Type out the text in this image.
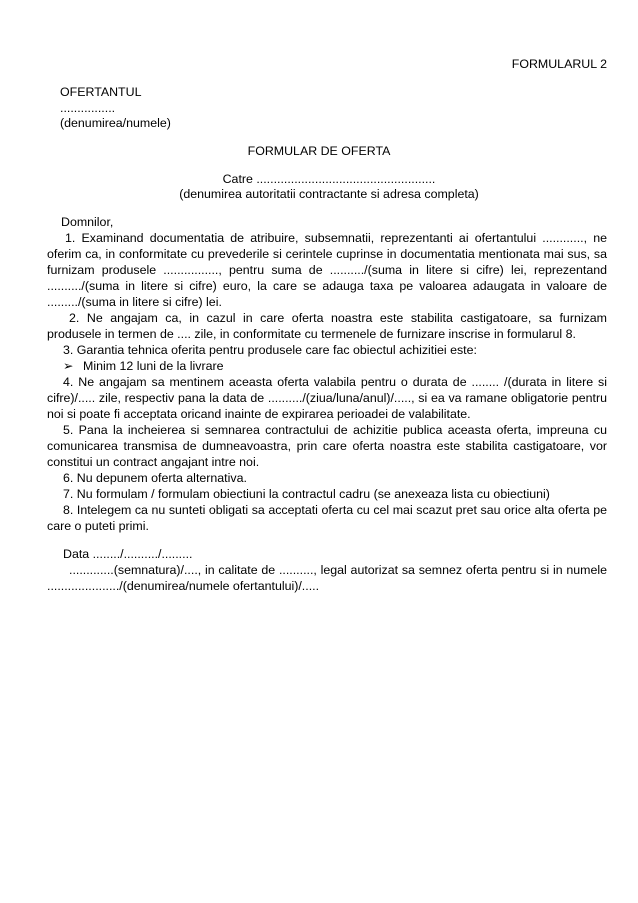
FORMULARUL 2
OFERTANTUL
................
(denumirea/numele)
FORMULAR DE OFERTA
Catre ....................................................
(denumirea autoritatii contractante si adresa completa)

Domnilor,

1. Examinand documentatia de atribuire, subsemnatii, reprezentanti ai ofertantului ............, ne oferim ca, in conformitate cu prevederile si cerintele cuprinse in documentatia mentionata mai sus, sa furnizam produsele ................, pentru suma de ........../(suma in litere si cifre) lei, reprezentand ........../(suma in litere si cifre) euro, la care se adauga taxa pe valoarea adaugata in valoare de ........./(suma in litere si cifre) lei.

2. Ne angajam ca, in cazul in care oferta noastra este stabilita castigatoare, sa furnizam produsele in termen de .... zile, in conformitate cu termenele de furnizare inscrise in formularul 8.

3. Garantia tehnica oferita pentru produsele care fac obiectul achizitiei este:

➢ Minim 12 luni de la livrare

4. Ne angajam sa mentinem aceasta oferta valabila pentru o durata de ........ /(durata in litere si cifre)/..... zile, respectiv pana la data de ........../(ziua/luna/anul)/....., si ea va ramane obligatorie pentru noi si poate fi acceptata oricand inainte de expirarea perioadei de valabilitate.

5. Pana la incheierea si semnarea contractului de achizitie publica aceasta oferta, impreuna cu comunicarea transmisa de dumneavoastra, prin care oferta noastra este stabilita castigatoare, vor constitui un contract angajant intre noi.

6. Nu depunem oferta alternativa.

7. Nu formulam / formulam obiectiuni la contractul cadru (se anexeaza lista cu obiectiuni)

8. Intelegem ca nu sunteti obligati sa acceptati oferta cu cel mai scazut pret sau orice alta oferta pe care o puteti primi.

Data ......../........../.........

.............(semnatura)/...., in calitate de .........., legal autorizat sa semnez oferta pentru si in numele ...................../(denumirea/numele ofertantului)/.....
